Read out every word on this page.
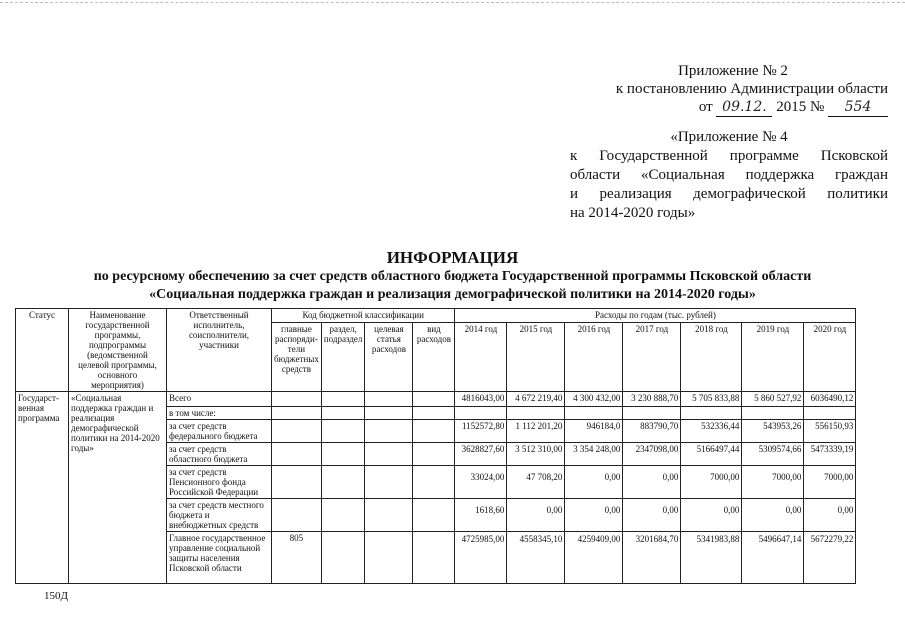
Приложение № 2
к постановлению Администрации области
от 09.12. 2015 № 554
«Приложение № 4
к Государственной программе Псковской
области «Социальная поддержка граждан
и реализация демографической политики
на 2014-2020 годы»
ИНФОРМАЦИЯ
по ресурсному обеспечению за счет средств областного бюджета Государственной программы Псковской области
«Социальная поддержка граждан и реализация демографической политики на 2014-2020 годы»
Статус	Наименование государственной программы, подпрограммы (ведомственной целевой программы, основного мероприятия)	Ответственный исполнитель, соисполнители, участники	Код бюджетной классификации				Расходы по годам (тыс. рублей)						
			главные распоряди-тели бюджетных средств	раздел, подраздел	целевая статья расходов	вид расходов	2014 год	2015 год	2016 год	2017 год	2018 год	2019 год	2020 год
Государст-венная программа	«Социальная поддержка граждан и реализация демографической политики на 2014-2020 годы»	Всего					4816043,00	4 672 219,40	4 300 432,00	3 230 888,70	5 705 833,88	5 860 527,92	6036490,12
		в том числе:											
		за счет средств федерального бюджета					1152572,80	1 112 201,20	946184,0	883790,70	532336,44	543953,26	556150,93
		за счет средств областного бюджета					3628827,60	3 512 310,00	3 354 248,00	2347098,00	5166497,44	5309574,66	5473339,19
		за счет средств Пенсионного фонда Российской Федерации					33024,00	47 708,20	0,00	0,00	7000,00	7000,00	7000,00
		за счет средств местного бюджета и внебюджетных средств					1618,60	0,00	0,00	0,00	0,00	0,00	0,00
		Главное государственное управление социальной защиты населения Псковской области	805				4725985,00	4558345,10	4259409,00	3201684,70	5341983,88	5496647,14	5672279,22
150Д
